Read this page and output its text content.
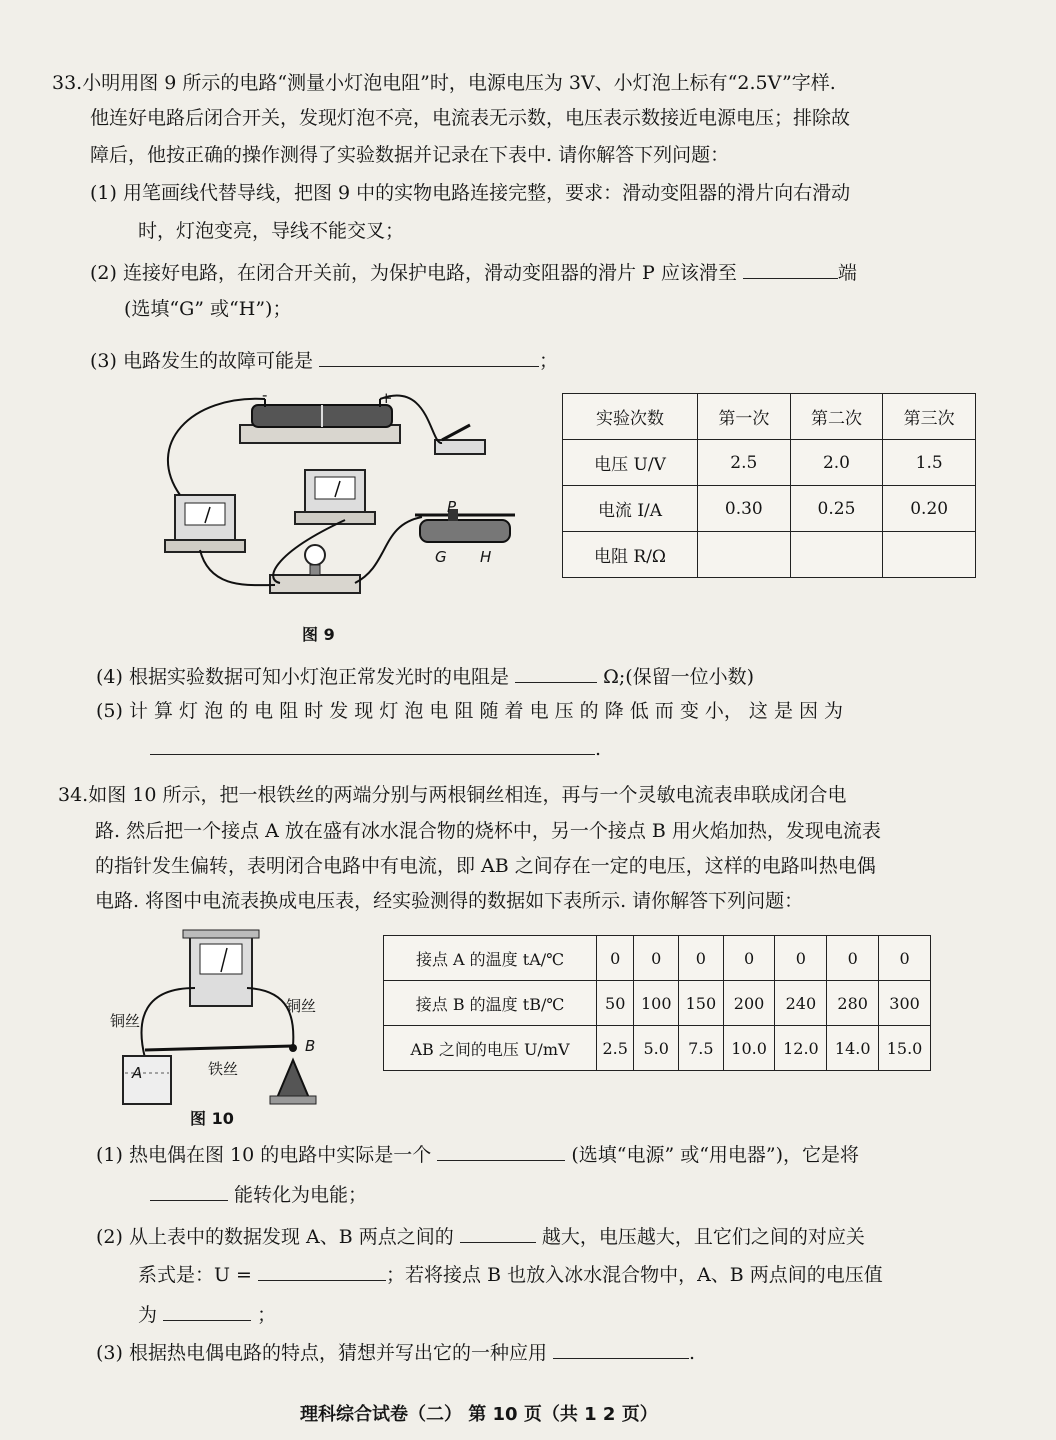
33.小明用图 9 所示的电路“测量小灯泡电阻”时，电源电压为 3V、小灯泡上标有“2.5V”字样.
他连好电路后闭合开关，发现灯泡不亮，电流表无示数，电压表示数接近电源电压；排除故
障后，他按正确的操作测得了实验数据并记录在下表中. 请你解答下列问题：
(1) 用笔画线代替导线，把图 9 中的实物电路连接完整，要求：滑动变阻器的滑片向右滑动
时，灯泡变亮，导线不能交叉；
(2) 连接好电路，在闭合开关前，为保护电路，滑动变阻器的滑片 P 应该滑至	端
(选填“G” 或“H”)；
(3) 电路发生的故障可能是	；
-	+
P
G H
图 9
实验次数	第一次	第二次	第三次
电压 U/V	2.5	2.0	1.5
电流 I/A	0.30	0.25	0.20
电阻 R/Ω			
(4) 根据实验数据可知小灯泡正常发光时的电阻是	Ω;(保留一位小数)
(5) 计 算 灯 泡 的 电 阻 时 发 现 灯 泡 电 阻 随 着 电 压 的 降 低 而 变 小， 这 是 因 为
.
34.如图 10 所示，把一根铁丝的两端分别与两根铜丝相连，再与一个灵敏电流表串联成闭合电
路. 然后把一个接点 A 放在盛有冰水混合物的烧杯中，另一个接点 B 用火焰加热，发现电流表
的指针发生偏转，表明闭合电路中有电流，即 AB 之间存在一定的电压，这样的电路叫热电偶
电路. 将图中电流表换成电压表，经实验测得的数据如下表所示. 请你解答下列问题：
铜丝
铜丝
铁丝
A
B
图 10
接点 A 的温度 tA/℃	0	0	0	0	0	0	0
接点 B 的温度 tB/℃	50	100	150	200	240	280	300
AB 之间的电压 U/mV	2.5	5.0	7.5	10.0	12.0	14.0	15.0
(1) 热电偶在图 10 的电路中实际是一个	(选填“电源” 或“用电器”)，它是将
能转化为电能；
(2) 从上表中的数据发现 A、B 两点之间的	越大，电压越大，且它们之间的对应关
系式是：U =	；若将接点 B 也放入冰水混合物中，A、B 两点间的电压值
为	；
(3) 根据热电偶电路的特点，猜想并写出它的一种应用	.
理科综合试卷（二） 第 10 页（共 1 2 页）
